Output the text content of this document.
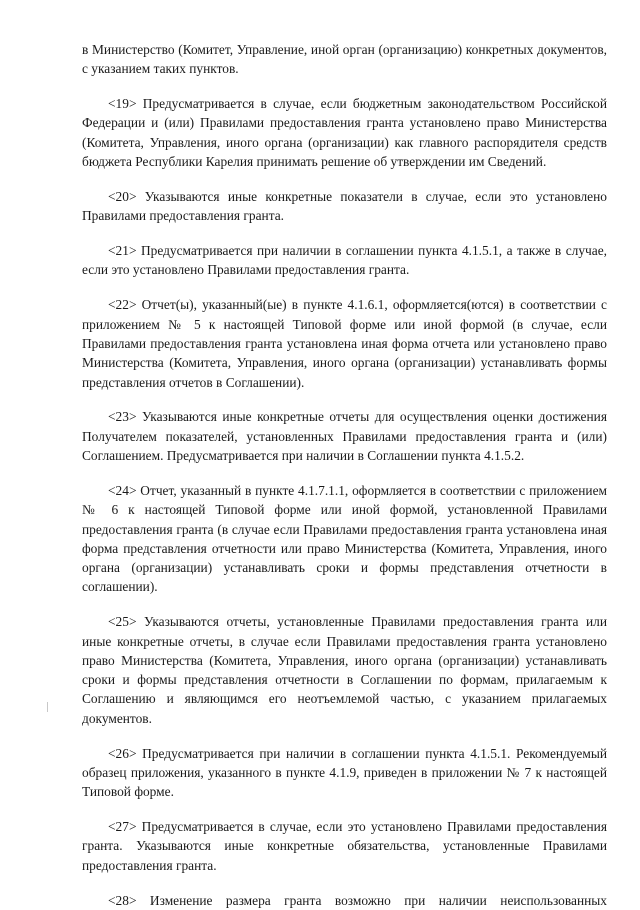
в Министерство (Комитет, Управление, иной орган (организацию) конкретных документов, с указанием таких пунктов.

<19> Предусматривается в случае, если бюджетным законодательством Российской Федерации и (или) Правилами предоставления гранта установлено право Министерства (Комитета, Управления, иного органа (организации) как главного распорядителя средств бюджета Республики Карелия принимать решение об утверждении им Сведений.

<20> Указываются иные конкретные показатели в случае, если это установлено Правилами предоставления гранта.

<21> Предусматривается при наличии в соглашении пункта 4.1.5.1, а также в случае, если это установлено Правилами предоставления гранта.

<22> Отчет(ы), указанный(ые) в пункте 4.1.6.1, оформляется(ются) в соответствии с приложением № 5 к настоящей Типовой форме или иной формой (в случае, если Правилами предоставления гранта установлена иная форма отчета или установлено право Министерства (Комитета, Управления, иного органа (организации) устанавливать формы представления отчетов в Соглашении).

<23> Указываются иные конкретные отчеты для осуществления оценки достижения Получателем показателей, установленных Правилами предоставления гранта и (или) Соглашением. Предусматривается при наличии в Соглашении пункта 4.1.5.2.

<24> Отчет, указанный в пункте 4.1.7.1.1, оформляется в соответствии с приложением № 6 к настоящей Типовой форме или иной формой, установленной Правилами предоставления гранта (в случае если Правилами предоставления гранта установлена иная форма представления отчетности или право Министерства (Комитета, Управления, иного органа (организации) устанавливать сроки и формы представления отчетности в соглашении).

<25> Указываются отчеты, установленные Правилами предоставления гранта или иные конкретные отчеты, в случае если Правилами предоставления гранта установлено право Министерства (Комитета, Управления, иного органа (организации) устанавливать сроки и формы представления отчетности в Соглашении по формам, прилагаемым к Соглашению и являющимся его неотъемлемой частью, с указанием прилагаемых документов.

<26> Предусматривается при наличии в соглашении пункта 4.1.5.1. Рекомендуемый образец приложения, указанного в пункте 4.1.9, приведен в приложении № 7 к настоящей Типовой форме.

<27> Предусматривается в случае, если это установлено Правилами предоставления гранта. Указываются иные конкретные обязательства, установленные Правилами предоставления гранта.

<28> Изменение размера гранта возможно при наличии неиспользованных
